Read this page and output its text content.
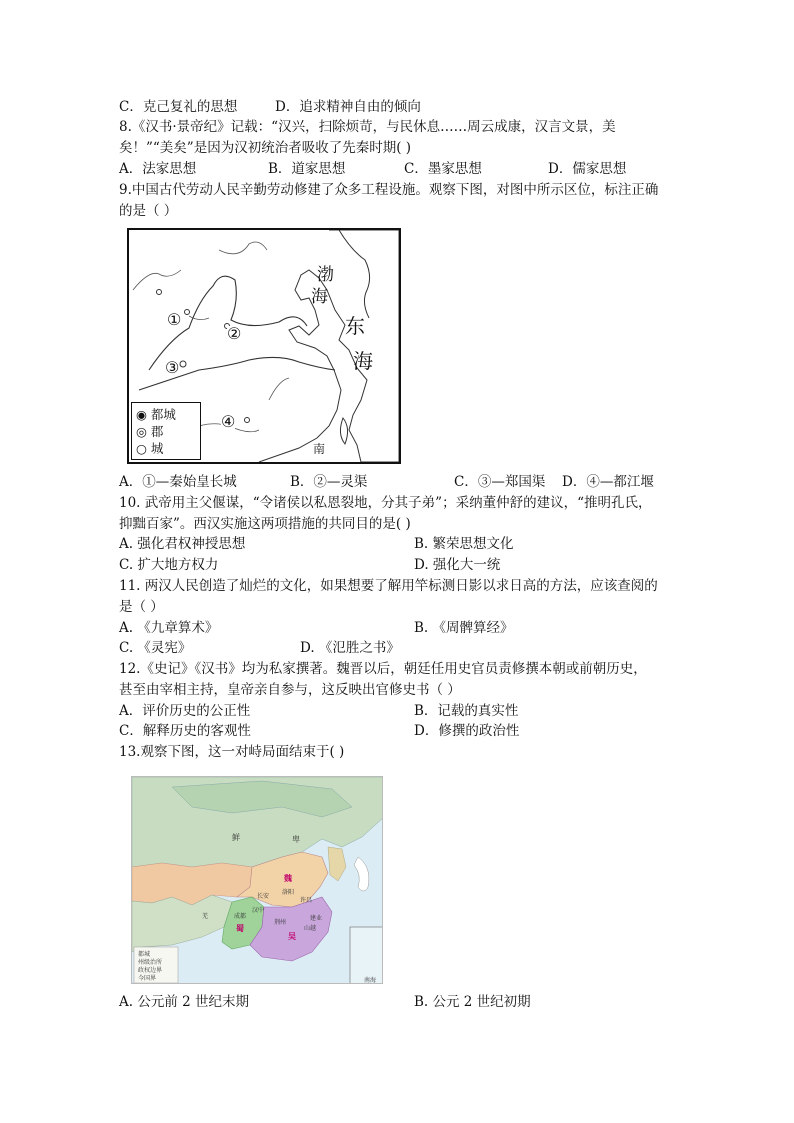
C．克己复礼的思想	D．追求精神自由的倾向
8.《汉书·景帝纪》记载：“汉兴，扫除烦苛，与民休息……周云成康，汉言文景，美
矣！”“美矣”是因为汉初统治者吸收了先秦时期( )
A．法家思想	B．道家思想	C．墨家思想	D．儒家思想
9.中国古代劳动人民辛勤劳动修建了众多工程设施。观察下图，对图中所示区位，标注正确
的是（ ）
渤
海
东
海
南
①
②
③
④
◉ 都城
◎ 郡
○ 城
A．①—秦始皇长城	B．②—灵渠	C．③—郑国渠 D．④—都江堰
10. 武帝用主父偃谋，“令诸侯以私恩裂地，分其子弟”；采纳董仲舒的建议，“推明孔氏，
抑黜百家”。西汉实施这两项措施的共同目的是( )
A. 强化君权神授思想	B. 繁荣思想文化
C. 扩大地方权力	D. 强化大一统
11. 两汉人民创造了灿烂的文化，如果想要了解用竿标测日影以求日高的方法，应该查阅的
是（ ）
A. 《九章算术》	B. 《周髀算经》
C. 《灵宪》	D. 《氾胜之书》
12.《史记》《汉书》均为私家撰著。魏晋以后，朝廷任用史官员责修撰本朝或前朝历史，
甚至由宰相主持，皇帝亲自参与，这反映出官修史书（ ）
A．评价历史的公正性	B．记载的真实性
C．解释历史的客观性	D．修撰的政治性
13.观察下图，这一对峙局面结束于( )
鲜	卑
魏
蜀
吴
洛阳
成都	建业
长安
许昌
山越
汉中
荆州
羌
都城
州级治所
政权边界
今国界	南海
A. 公元前 2 世纪末期	B. 公元 2 世纪初期
